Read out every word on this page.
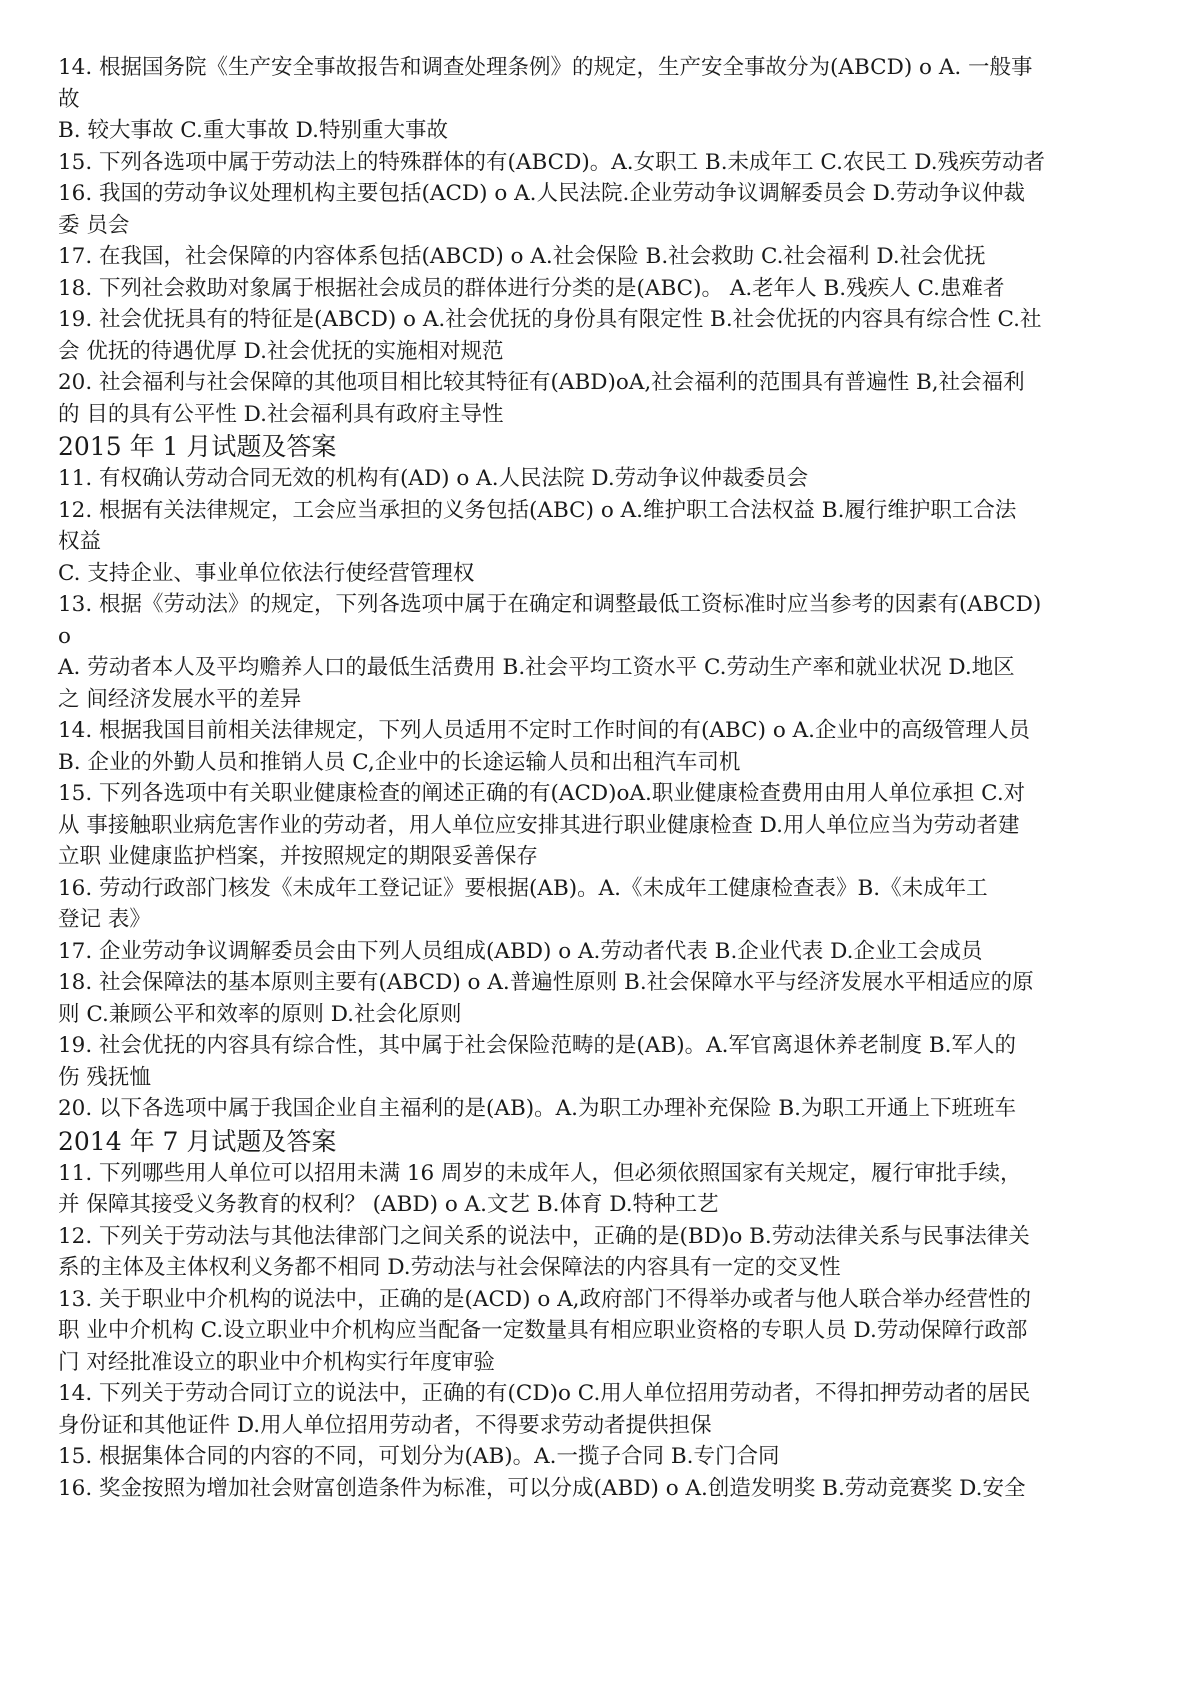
14. 根据国务院《生产安全事故报告和调查处理条例》的规定，生产安全事故分为(ABCD) o A. 一般事
故
B. 较大事故 C.重大事故 D.特别重大事故
15. 下列各选项中属于劳动法上的特殊群体的有(ABCD)。A.女职工 B.未成年工 C.农民工 D.残疾劳动者
16. 我国的劳动争议处理机构主要包括(ACD) o A.人民法院.企业劳动争议调解委员会 D.劳动争议仲裁
委 员会
17. 在我国，社会保障的内容体系包括(ABCD) o A.社会保险 B.社会救助 C.社会福利 D.社会优抚
18. 下列社会救助对象属于根据社会成员的群体进行分类的是(ABC)。 A.老年人 B.残疾人 C.患难者
19. 社会优抚具有的特征是(ABCD) o A.社会优抚的身份具有限定性 B.社会优抚的内容具有综合性 C.社
会 优抚的待遇优厚 D.社会优抚的实施相对规范
20. 社会福利与社会保障的其他项目相比较其特征有(ABD)oA,社会福利的范围具有普遍性 B,社会福利
的 目的具有公平性 D.社会福利具有政府主导性
2015 年 1 月试题及答案
11. 有权确认劳动合同无效的机构有(AD) o A.人民法院 D.劳动争议仲裁委员会
12. 根据有关法律规定，工会应当承担的义务包括(ABC) o A.维护职工合法权益 B.履行维护职工合法
权益
C. 支持企业、事业单位依法行使经营管理权
13. 根据《劳动法》的规定，下列各选项中属于在确定和调整最低工资标准时应当参考的因素有(ABCD)
o
A. 劳动者本人及平均赡养人口的最低生活费用 B.社会平均工资水平 C.劳动生产率和就业状况 D.地区
之 间经济发展水平的差异
14. 根据我国目前相关法律规定，下列人员适用不定时工作时间的有(ABC) o A.企业中的高级管理人员
B. 企业的外勤人员和推销人员 C,企业中的长途运输人员和出租汽车司机
15. 下列各选项中有关职业健康检查的阐述正确的有(ACD)oA.职业健康检查费用由用人单位承担 C.对
从 事接触职业病危害作业的劳动者，用人单位应安排其进行职业健康检查 D.用人单位应当为劳动者建
立职 业健康监护档案，并按照规定的期限妥善保存
16. 劳动行政部门核发《未成年工登记证》要根据(AB)。A.《未成年工健康检查表》B.《未成年工
登记 表》
17. 企业劳动争议调解委员会由下列人员组成(ABD) o A.劳动者代表 B.企业代表 D.企业工会成员
18. 社会保障法的基本原则主要有(ABCD) o A.普遍性原则 B.社会保障水平与经济发展水平相适应的原
则 C.兼顾公平和效率的原则 D.社会化原则
19. 社会优抚的内容具有综合性，其中属于社会保险范畴的是(AB)。A.军官离退休养老制度 B.军人的
伤 残抚恤
20. 以下各选项中属于我国企业自主福利的是(AB)。A.为职工办理补充保险 B.为职工开通上下班班车
2014 年 7 月试题及答案
11. 下列哪些用人单位可以招用未满 16 周岁的未成年人，但必须依照国家有关规定，履行审批手续，
并 保障其接受义务教育的权利？ (ABD) o A.文艺 B.体育 D.特种工艺
12. 下列关于劳动法与其他法律部门之间关系的说法中，正确的是(BD)o B.劳动法律关系与民事法律关
系的主体及主体权利义务都不相同 D.劳动法与社会保障法的内容具有一定的交叉性
13. 关于职业中介机构的说法中，正确的是(ACD) o A,政府部门不得举办或者与他人联合举办经营性的
职 业中介机构 C.设立职业中介机构应当配备一定数量具有相应职业资格的专职人员 D.劳动保障行政部
门 对经批准设立的职业中介机构实行年度审验
14. 下列关于劳动合同订立的说法中，正确的有(CD)o C.用人单位招用劳动者，不得扣押劳动者的居民
身份证和其他证件 D.用人单位招用劳动者，不得要求劳动者提供担保
15. 根据集体合同的内容的不同，可划分为(AB)。A.一揽子合同 B.专门合同
16. 奖金按照为增加社会财富创造条件为标准，可以分成(ABD) o A.创造发明奖 B.劳动竞赛奖 D.安全
